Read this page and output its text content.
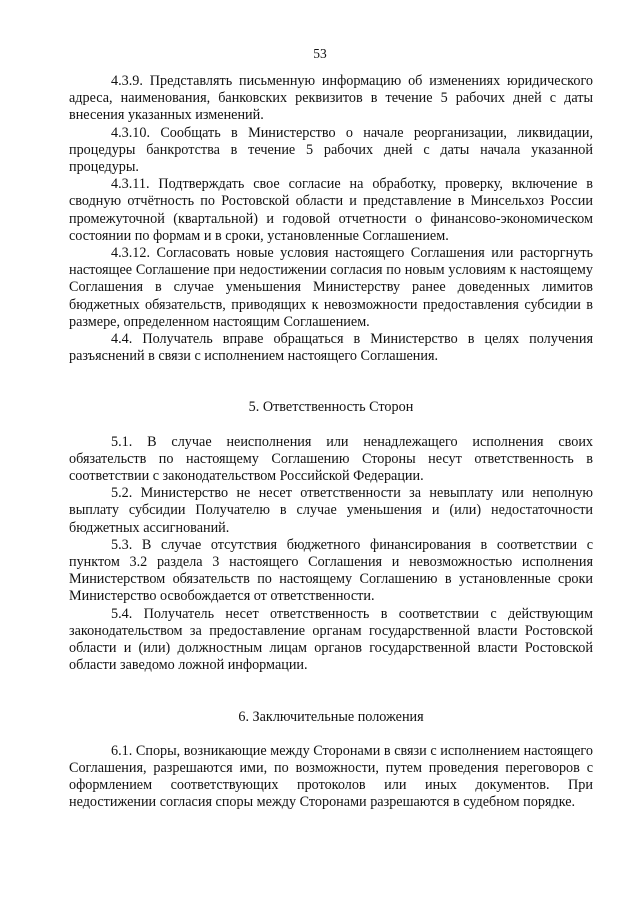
53

4.3.9. Представлять письменную информацию об изменениях юридического адреса, наименования, банковских реквизитов в течение 5 рабочих дней с даты внесения указанных изменений.

4.3.10. Сообщать в Министерство о начале реорганизации, ликвидации, процедуры банкротства в течение 5 рабочих дней с даты начала указанной процедуры.

4.3.11. Подтверждать свое согласие на обработку, проверку, включение в сводную отчётность по Ростовской области и представление в Минсельхоз России промежуточной (квартальной) и годовой отчетности о финансово-экономическом состоянии по формам и в сроки, установленные Соглашением.

4.3.12. Согласовать новые условия настоящего Соглашения или расторгнуть настоящее Соглашение при недостижении согласия по новым условиям к настоящему Соглашения в случае уменьшения Министерству ранее доведенных лимитов бюджетных обязательств, приводящих к невозможности предоставления субсидии в размере, определенном настоящим Соглашением.

4.4. Получатель вправе обращаться в Министерство в целях получения разъяснений в связи с исполнением настоящего Соглашения.

5. Ответственность Сторон

5.1. В случае неисполнения или ненадлежащего исполнения своих обязательств по настоящему Соглашению Стороны несут ответственность в соответствии с законодательством Российской Федерации.

5.2. Министерство не несет ответственности за невыплату или неполную выплату субсидии Получателю в случае уменьшения и (или) недостаточности бюджетных ассигнований.

5.3. В случае отсутствия бюджетного финансирования в соответствии с пунктом 3.2 раздела 3 настоящего Соглашения и невозможностью исполнения Министерством обязательств по настоящему Соглашению в установленные сроки Министерство освобождается от ответственности.

5.4. Получатель несет ответственность в соответствии с действующим законодательством за предоставление органам государственной власти Ростовской области и (или) должностным лицам органов государственной власти Ростовской области заведомо ложной информации.

6. Заключительные положения

6.1. Споры, возникающие между Сторонами в связи с исполнением настоящего Соглашения, разрешаются ими, по возможности, путем проведения переговоров с оформлением соответствующих протоколов или иных документов. При недостижении согласия споры между Сторонами разрешаются в судебном порядке.
